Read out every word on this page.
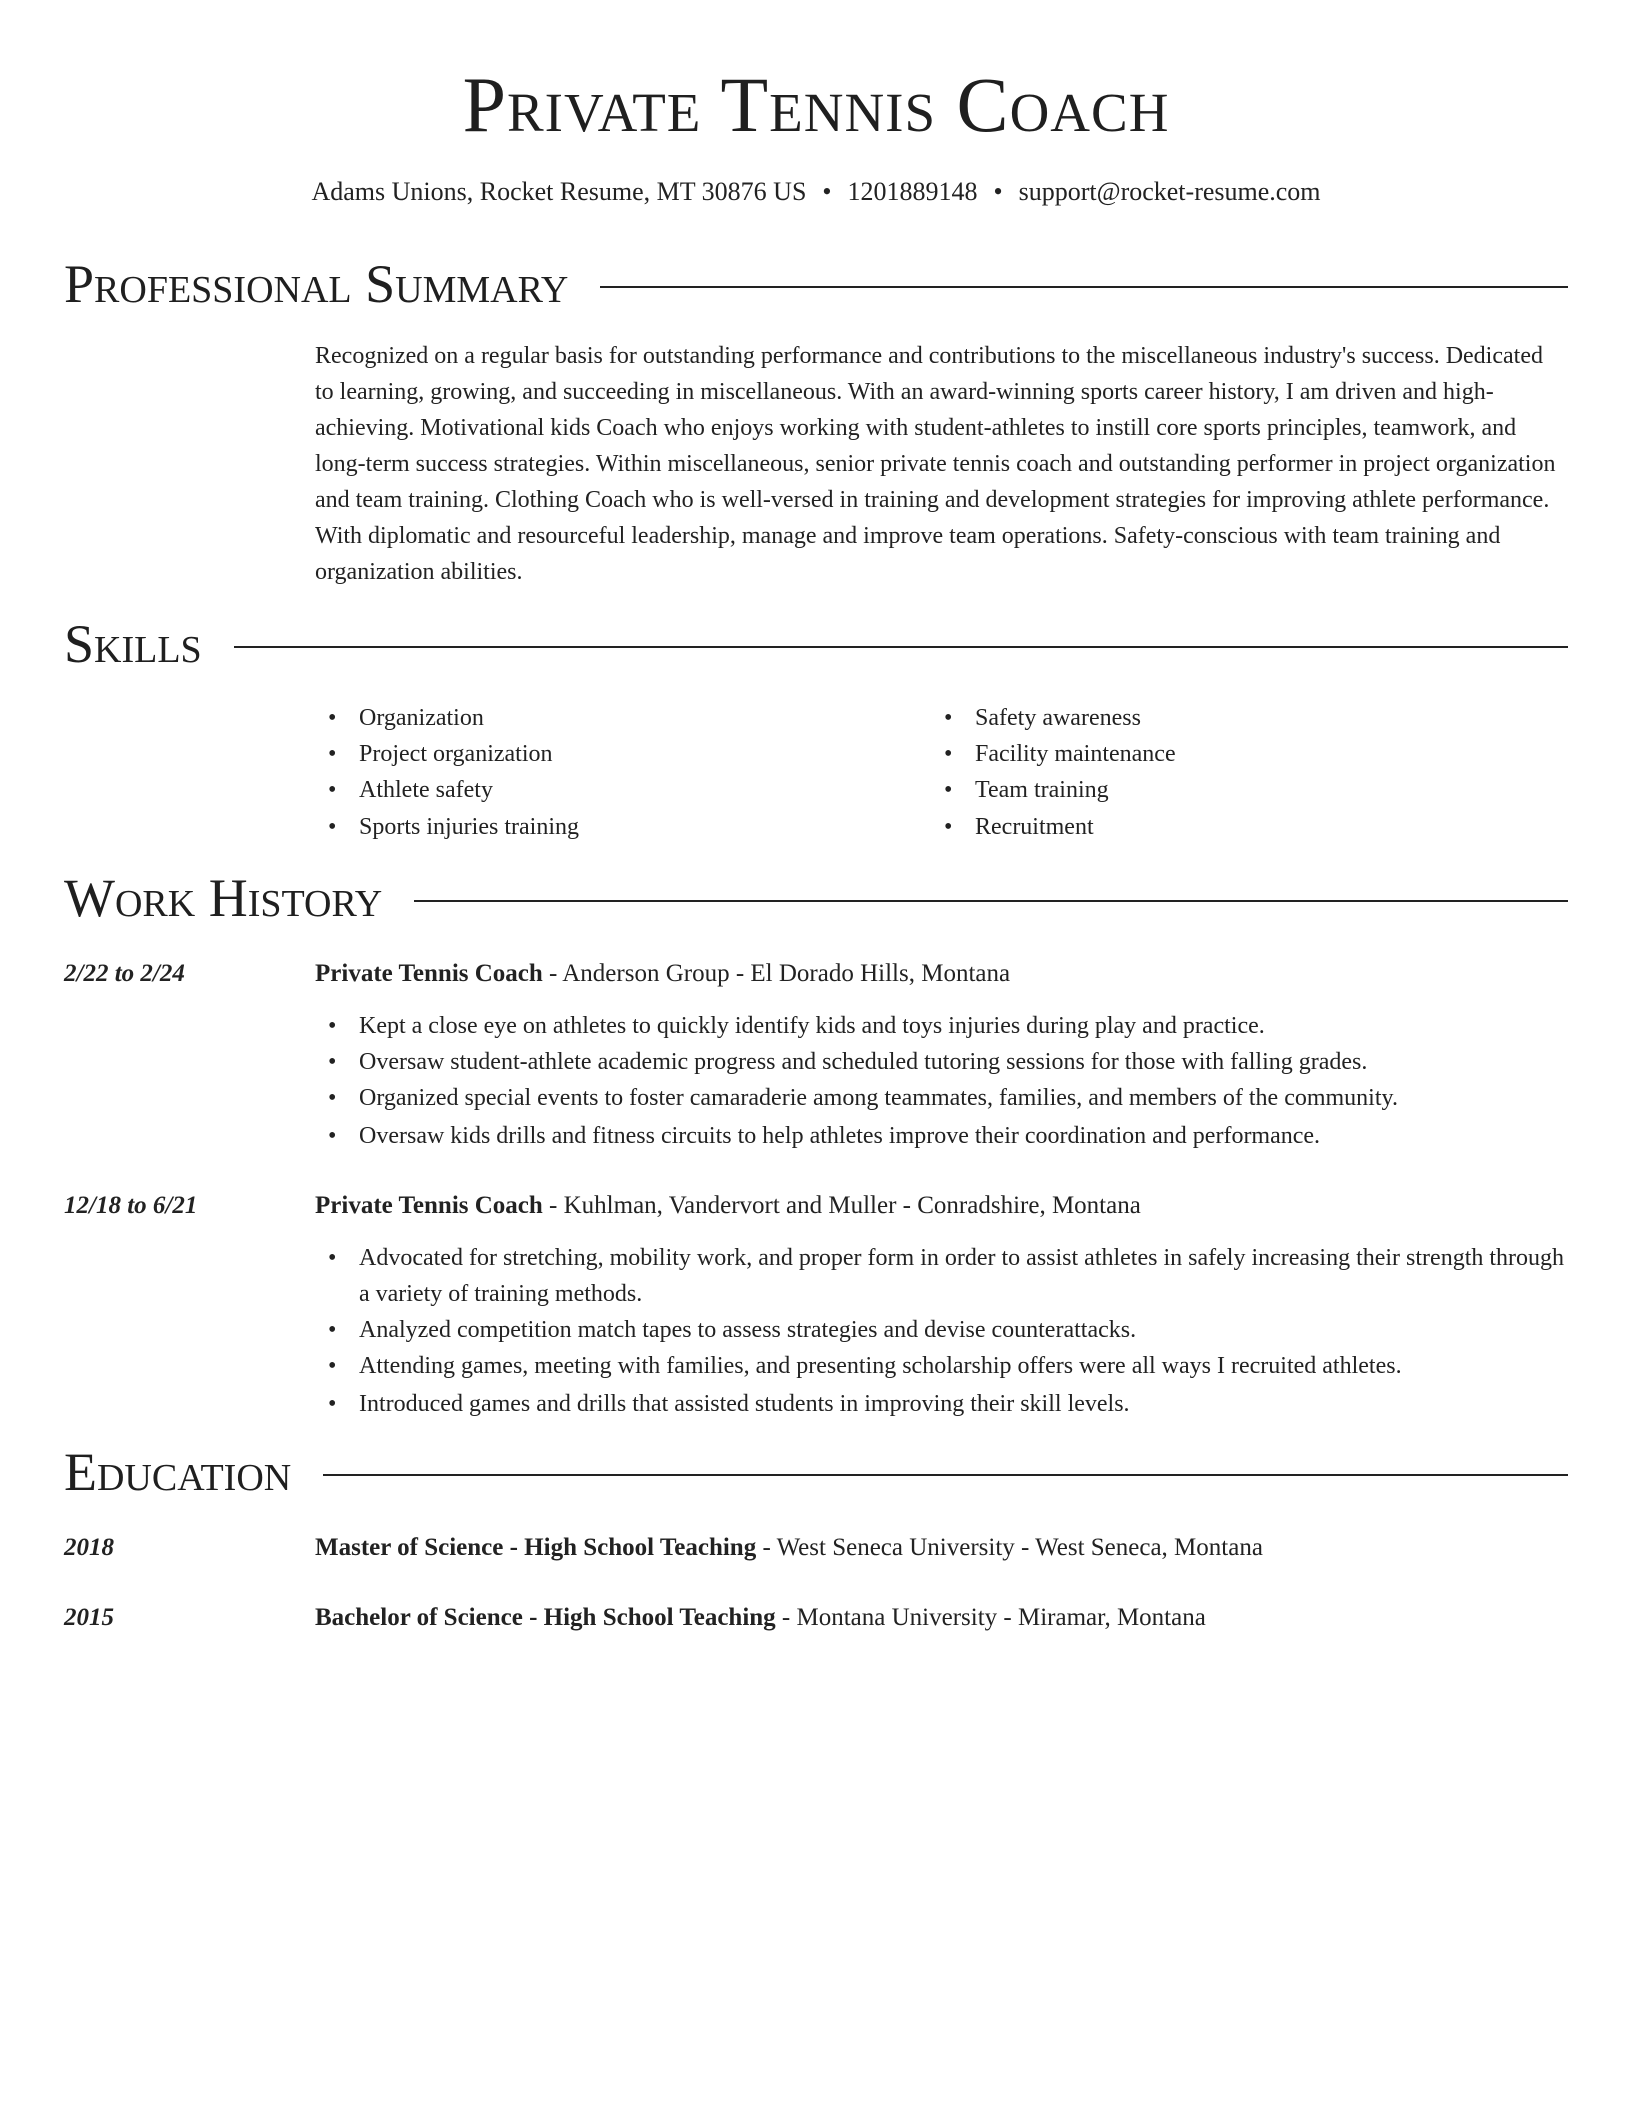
Private Tennis Coach
Adams Unions, Rocket Resume, MT 30876 US • 1201889148 • support@rocket-resume.com
Professional Summary
Recognized on a regular basis for outstanding performance and contributions to the miscellaneous industry's success. Dedicated to learning, growing, and succeeding in miscellaneous. With an award-winning sports career history, I am driven and high-achieving. Motivational kids Coach who enjoys working with student-athletes to instill core sports principles, teamwork, and long-term success strategies. Within miscellaneous, senior private tennis coach and outstanding performer in project organization and team training. Clothing Coach who is well-versed in training and development strategies for improving athlete performance. With diplomatic and resourceful leadership, manage and improve team operations. Safety-conscious with team training and organization abilities.
Skills
• Organization
• Project organization
• Athlete safety
• Sports injuries training
• Safety awareness
• Facility maintenance
• Team training
• Recruitment
Work History
2/22 to 2/24	Private Tennis Coach - Anderson Group - El Dorado Hills, Montana
• Kept a close eye on athletes to quickly identify kids and toys injuries during play and practice.
• Oversaw student-athlete academic progress and scheduled tutoring sessions for those with falling grades.
• Organized special events to foster camaraderie among teammates, families, and members of the community.
• Oversaw kids drills and fitness circuits to help athletes improve their coordination and performance.
12/18 to 6/21	Private Tennis Coach - Kuhlman, Vandervort and Muller - Conradshire, Montana
• Advocated for stretching, mobility work, and proper form in order to assist athletes in safely increasing their strength through a variety of training methods.
• Analyzed competition match tapes to assess strategies and devise counterattacks.
• Attending games, meeting with families, and presenting scholarship offers were all ways I recruited athletes.
• Introduced games and drills that assisted students in improving their skill levels.
Education
2018	Master of Science - High School Teaching - West Seneca University - West Seneca, Montana
2015	Bachelor of Science - High School Teaching - Montana University - Miramar, Montana
